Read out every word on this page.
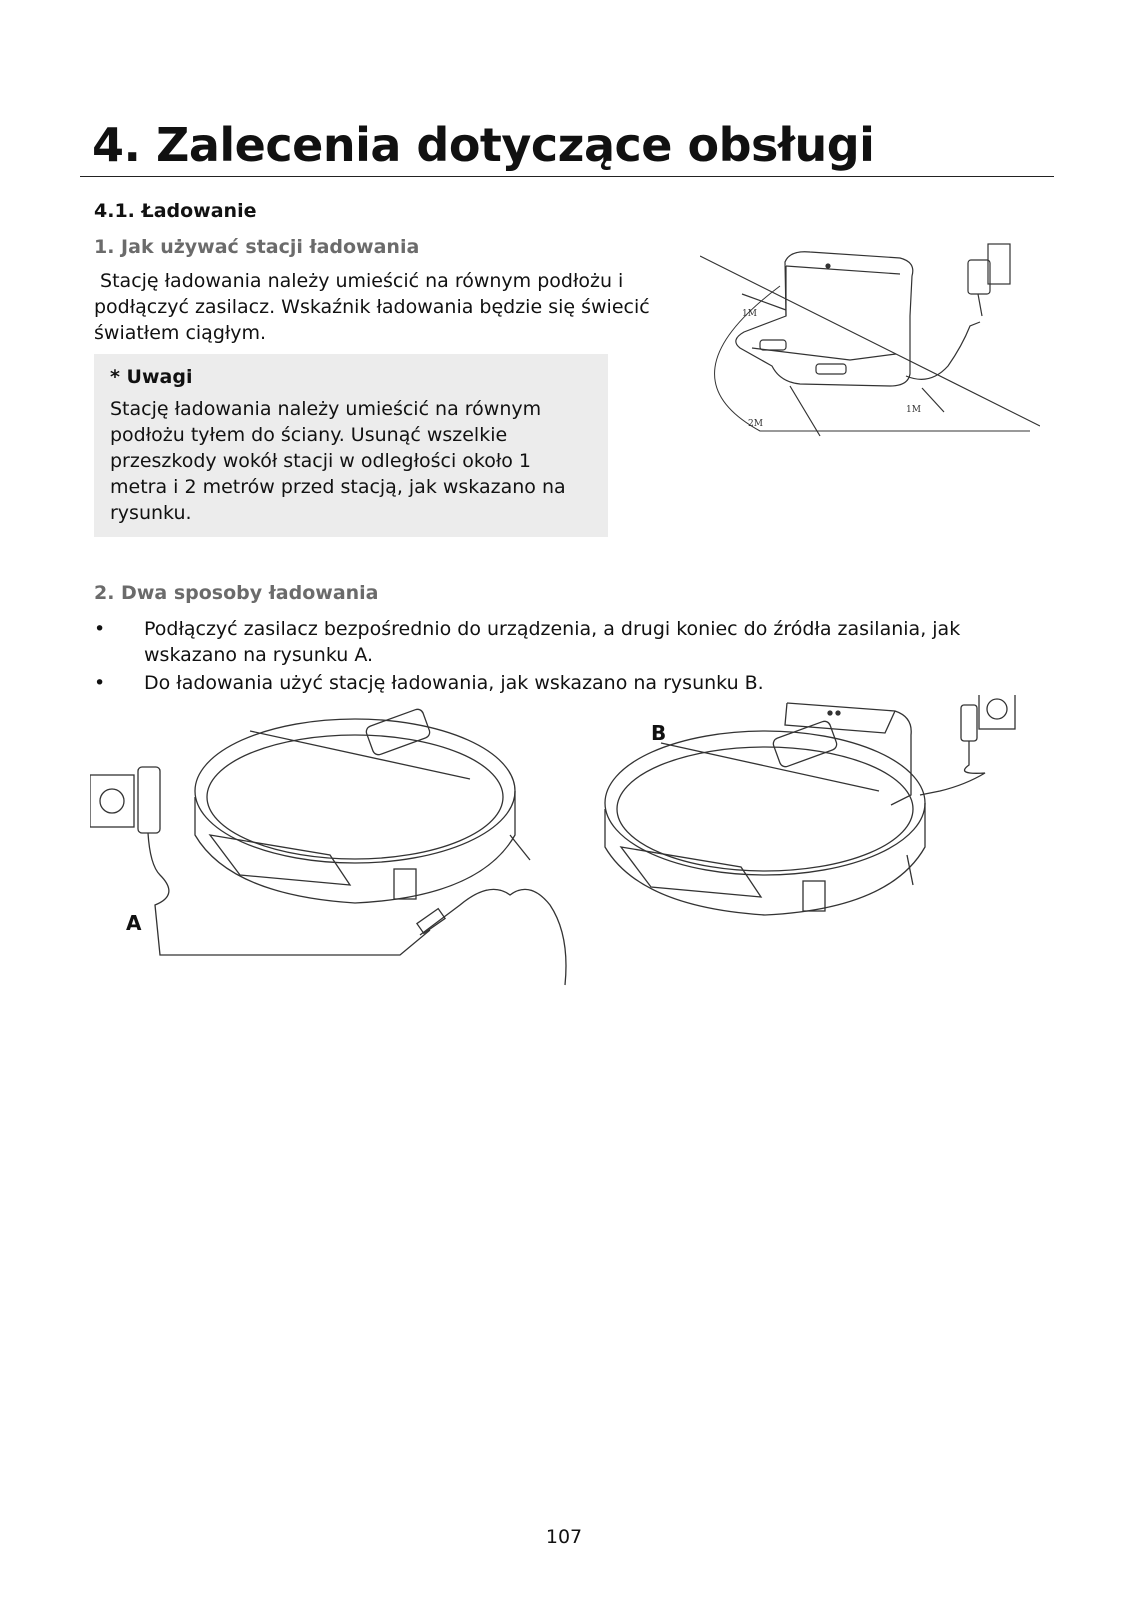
4. Zalecenia dotyczące obsługi
4.1. Ładowanie
1. Jak używać stacji ładowania

Stację ładowania należy umieścić na równym podłożu i podłączyć zasilacz. Wskaźnik ładowania będzie się świecić światłem ciągłym.

* Uwagi

Stację ładowania należy umieścić na równym podłożu tyłem do ściany. Usunąć wszelkie przeszkody wokół stacji w odległości około 1 metra i 2 metrów przed stacją, jak wskazano na rysunku.

1M
1M
2M
2. Dwa sposoby ładowania
• Podłączyć zasilacz bezpośrednio do urządzenia, a drugi koniec do źródła zasilania, jak wskazano na rysunku A.
• Do ładowania użyć stację ładowania, jak wskazano na rysunku B.
A
B
107
